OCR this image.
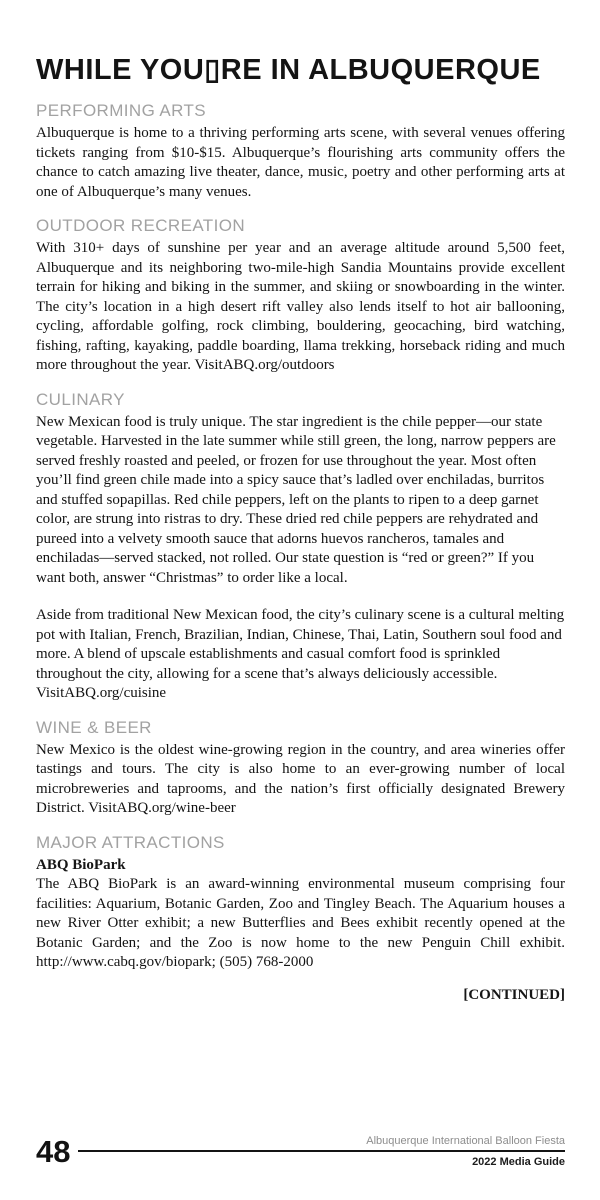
WHILE YOU▯RE IN ALBUQUERQUE
PERFORMING ARTS

Albuquerque is home to a thriving performing arts scene, with several venues offering tickets ranging from $10-$15. Albuquerque’s flourishing arts community offers the chance to catch amazing live theater, dance, music, poetry and other performing arts at one of Albuquerque’s many venues.

OUTDOOR RECREATION

With 310+ days of sunshine per year and an average altitude around 5,500 feet, Albuquerque and its neighboring two-mile-high Sandia Mountains provide excellent terrain for hiking and biking in the summer, and skiing or snowboarding in the winter. The city’s location in a high desert rift valley also lends itself to hot air ballooning, cycling, affordable golfing, rock climbing, bouldering, geocaching, bird watching, fishing, rafting, kayaking, paddle boarding, llama trekking, horseback riding and much more throughout the year. VisitABQ.org/outdoors

CULINARY

New Mexican food is truly unique. The star ingredient is the chile pepper—our state vegetable. Harvested in the late summer while still green, the long, narrow peppers are served freshly roasted and peeled, or frozen for use throughout the year. Most often you’ll find green chile made into a spicy sauce that’s ladled over enchiladas, burritos and stuffed sopapillas. Red chile peppers, left on the plants to ripen to a deep garnet color, are strung into ristras to dry. These dried red chile peppers are rehydrated and pureed into a velvety smooth sauce that adorns huevos rancheros, tamales and enchiladas—served stacked, not rolled. Our state question is “red or green?” If you want both, answer “Christmas” to order like a local.

Aside from traditional New Mexican food, the city’s culinary scene is a cultural melting pot with Italian, French, Brazilian, Indian, Chinese, Thai, Latin, Southern soul food and more. A blend of upscale establishments and casual comfort food is sprinkled throughout the city, allowing for a scene that’s always deliciously accessible. VisitABQ.org/cuisine

WINE & BEER

New Mexico is the oldest wine-growing region in the country, and area wineries offer tastings and tours. The city is also home to an ever-growing number of local microbreweries and taprooms, and the nation’s first officially designated Brewery District. VisitABQ.org/wine-beer

MAJOR ATTRACTIONS

ABQ BioPark

The ABQ BioPark is an award-winning environmental museum comprising four facilities: Aquarium, Botanic Garden, Zoo and Tingley Beach. The Aquarium houses a new River Otter exhibit; a new Butterflies and Bees exhibit recently opened at the Botanic Garden; and the Zoo is now home to the new Penguin Chill exhibit. http://www.cabq.gov/biopark; (505) 768-2000

[CONTINUED]
48	Albuquerque International Balloon Fiesta
2022 Media Guide
